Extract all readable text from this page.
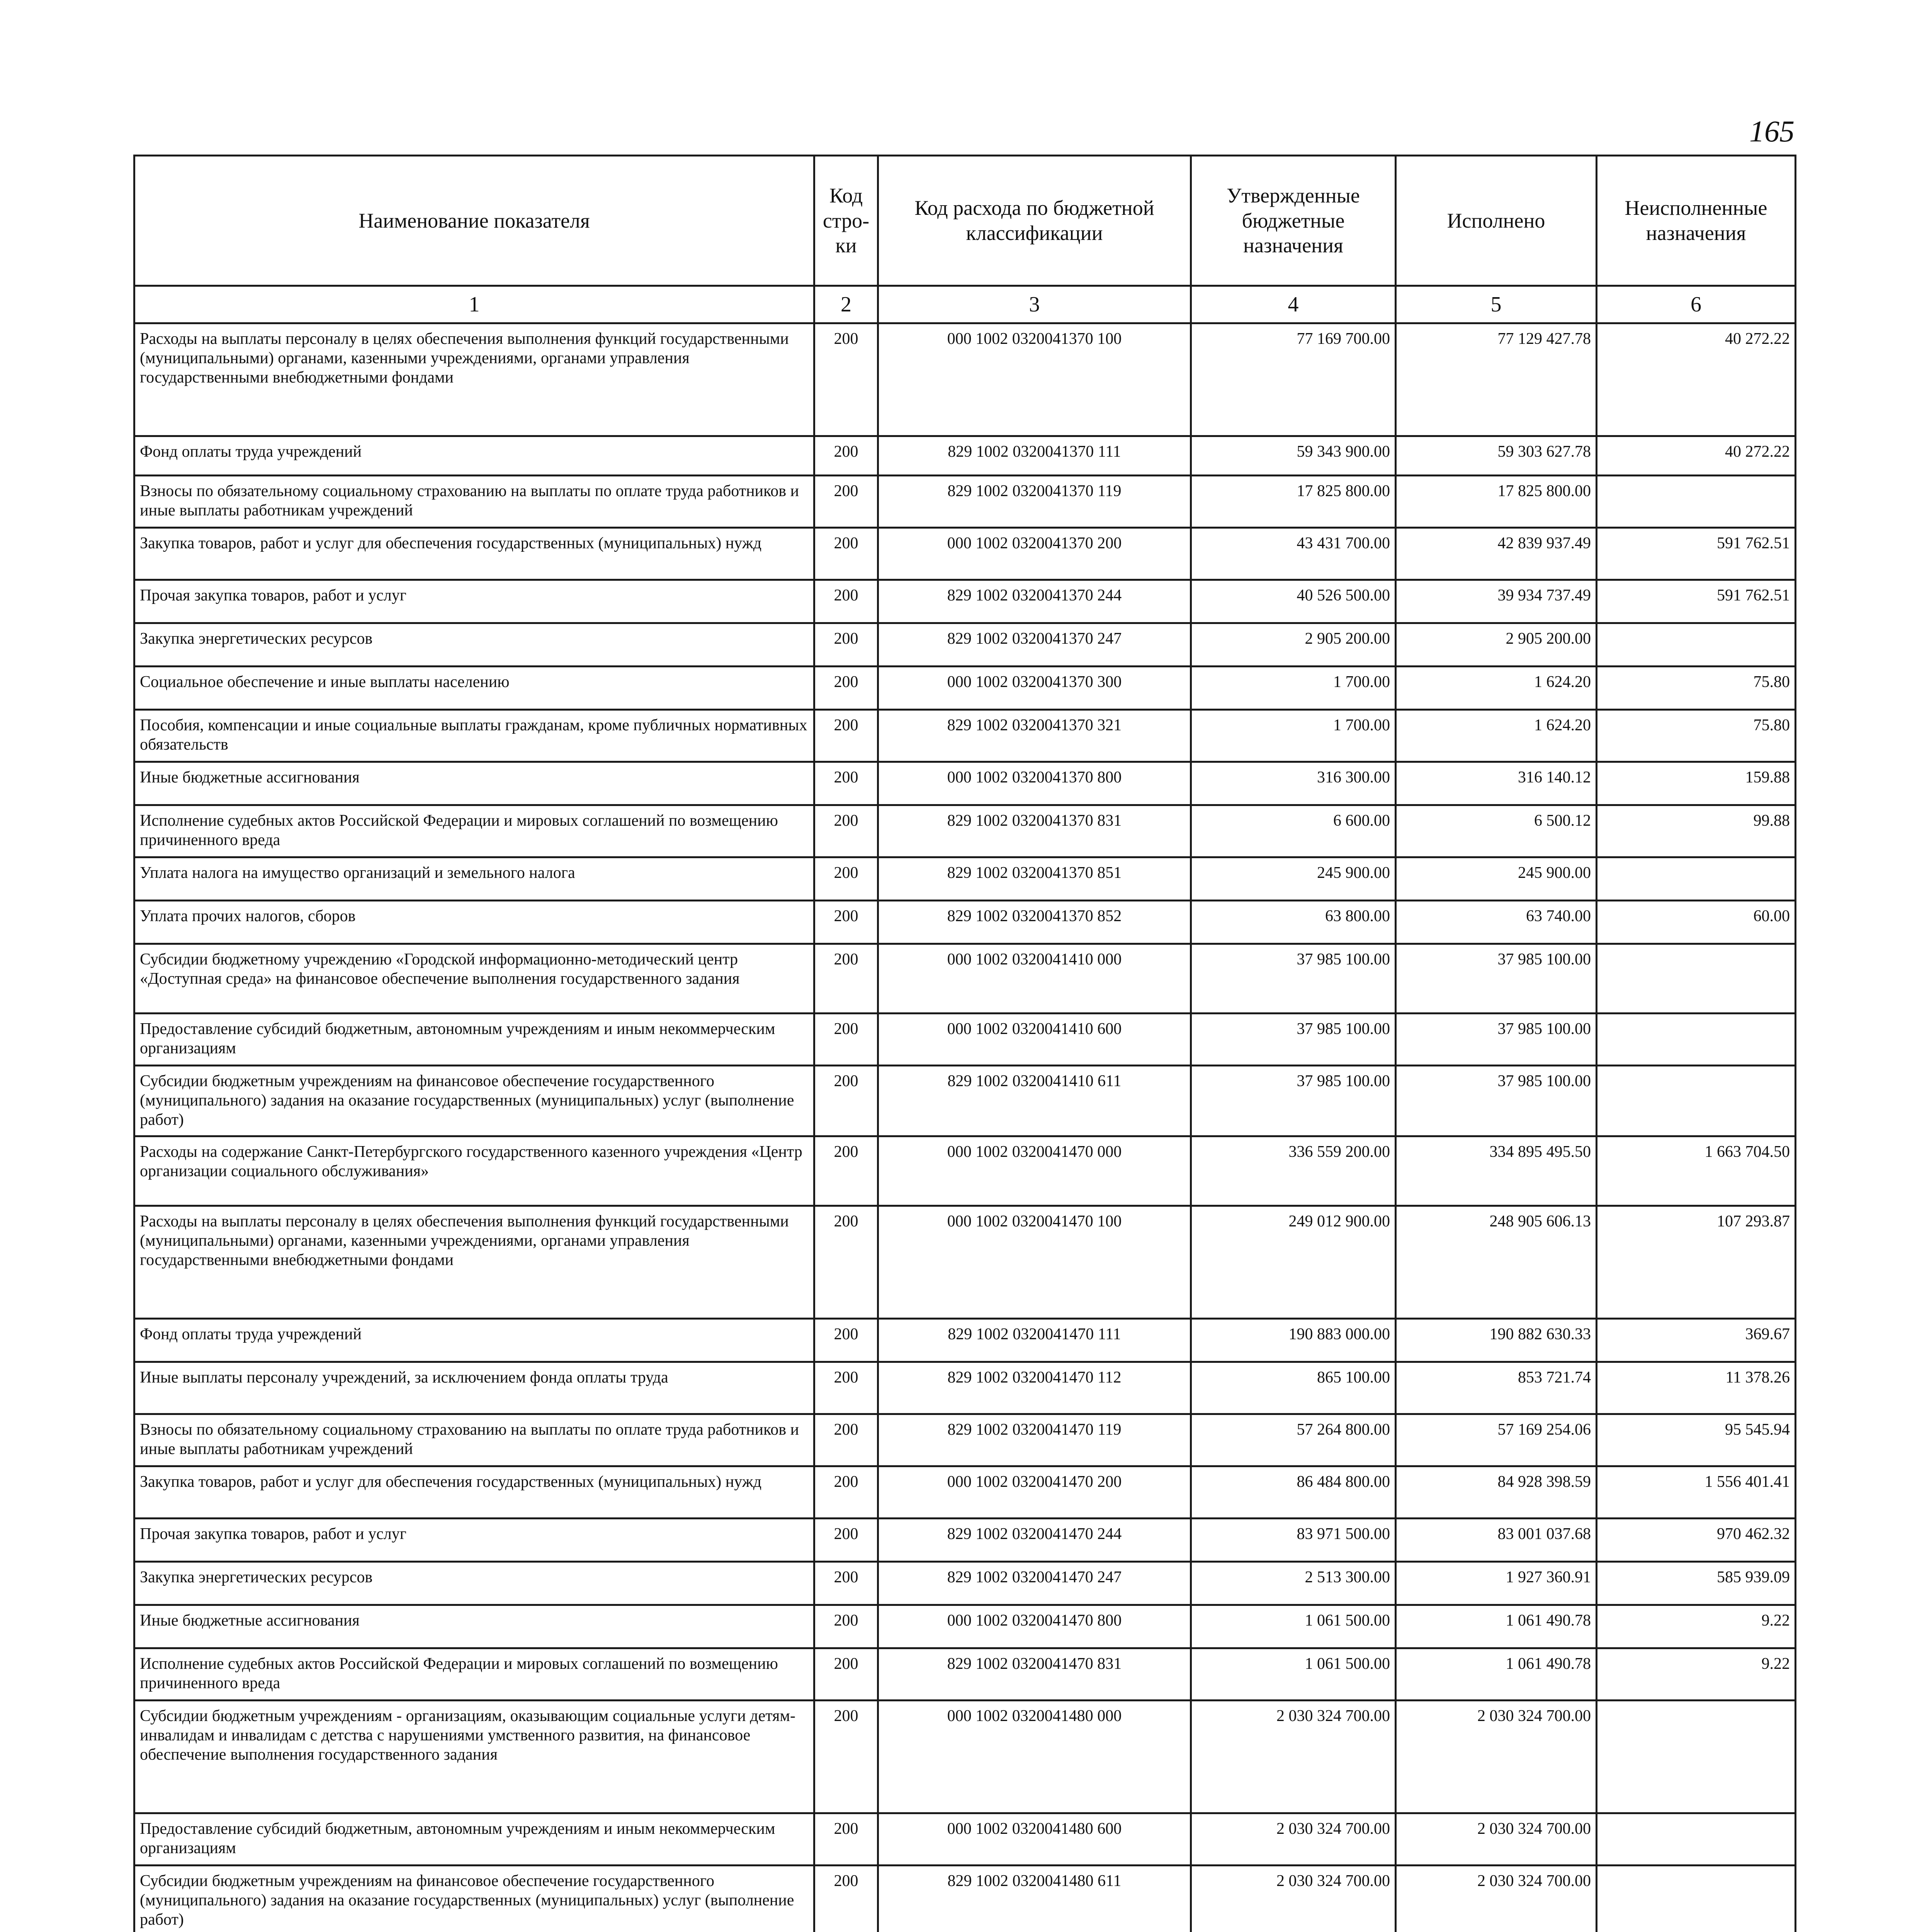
165
Наименование показателя	Код стро-ки	Код расхода по бюджетной классификации	Утвержденные бюджетные назначения	Исполнено	Неисполненные назначения
1	2	3	4	5	6
Расходы на выплаты персоналу в целях обеспечения выполнения функций государственными (муниципальными) органами, казенными учреждениями, органами управления государственными внебюджетными фондами	200	000 1002 0320041370 100	77 169 700.00	77 129 427.78	40 272.22
Фонд оплаты труда учреждений	200	829 1002 0320041370 111	59 343 900.00	59 303 627.78	40 272.22
Взносы по обязательному социальному страхованию на выплаты по оплате труда работников и иные выплаты работникам учреждений	200	829 1002 0320041370 119	17 825 800.00	17 825 800.00	
Закупка товаров, работ и услуг для обеспечения государственных (муниципальных) нужд	200	000 1002 0320041370 200	43 431 700.00	42 839 937.49	591 762.51
Прочая закупка товаров, работ и услуг	200	829 1002 0320041370 244	40 526 500.00	39 934 737.49	591 762.51
Закупка энергетических ресурсов	200	829 1002 0320041370 247	2 905 200.00	2 905 200.00	
Социальное обеспечение и иные выплаты населению	200	000 1002 0320041370 300	1 700.00	1 624.20	75.80
Пособия, компенсации и иные социальные выплаты гражданам, кроме публичных нормативных обязательств	200	829 1002 0320041370 321	1 700.00	1 624.20	75.80
Иные бюджетные ассигнования	200	000 1002 0320041370 800	316 300.00	316 140.12	159.88
Исполнение судебных актов Российской Федерации и мировых соглашений по возмещению причиненного вреда	200	829 1002 0320041370 831	6 600.00	6 500.12	99.88
Уплата налога на имущество организаций и земельного налога	200	829 1002 0320041370 851	245 900.00	245 900.00	
Уплата прочих налогов, сборов	200	829 1002 0320041370 852	63 800.00	63 740.00	60.00
Субсидии бюджетному учреждению «Городской информационно-методический центр «Доступная среда» на финансовое обеспечение выполнения государственного задания	200	000 1002 0320041410 000	37 985 100.00	37 985 100.00	
Предоставление субсидий бюджетным, автономным учреждениям и иным некоммерческим организациям	200	000 1002 0320041410 600	37 985 100.00	37 985 100.00	
Субсидии бюджетным учреждениям на финансовое обеспечение государственного (муниципального) задания на оказание государственных (муниципальных) услуг (выполнение работ)	200	829 1002 0320041410 611	37 985 100.00	37 985 100.00	
Расходы на содержание Санкт-Петербургского государственного казенного учреждения «Центр организации социального обслуживания»	200	000 1002 0320041470 000	336 559 200.00	334 895 495.50	1 663 704.50
Расходы на выплаты персоналу в целях обеспечения выполнения функций государственными (муниципальными) органами, казенными учреждениями, органами управления государственными внебюджетными фондами	200	000 1002 0320041470 100	249 012 900.00	248 905 606.13	107 293.87
Фонд оплаты труда учреждений	200	829 1002 0320041470 111	190 883 000.00	190 882 630.33	369.67
Иные выплаты персоналу учреждений, за исключением фонда оплаты труда	200	829 1002 0320041470 112	865 100.00	853 721.74	11 378.26
Взносы по обязательному социальному страхованию на выплаты по оплате труда работников и иные выплаты работникам учреждений	200	829 1002 0320041470 119	57 264 800.00	57 169 254.06	95 545.94
Закупка товаров, работ и услуг для обеспечения государственных (муниципальных) нужд	200	000 1002 0320041470 200	86 484 800.00	84 928 398.59	1 556 401.41
Прочая закупка товаров, работ и услуг	200	829 1002 0320041470 244	83 971 500.00	83 001 037.68	970 462.32
Закупка энергетических ресурсов	200	829 1002 0320041470 247	2 513 300.00	1 927 360.91	585 939.09
Иные бюджетные ассигнования	200	000 1002 0320041470 800	1 061 500.00	1 061 490.78	9.22
Исполнение судебных актов Российской Федерации и мировых соглашений по возмещению причиненного вреда	200	829 1002 0320041470 831	1 061 500.00	1 061 490.78	9.22
Субсидии бюджетным учреждениям - организациям, оказывающим социальные услуги детям-инвалидам и инвалидам с детства с нарушениями умственного развития, на финансовое обеспечение выполнения государственного задания	200	000 1002 0320041480 000	2 030 324 700.00	2 030 324 700.00	
Предоставление субсидий бюджетным, автономным учреждениям и иным некоммерческим организациям	200	000 1002 0320041480 600	2 030 324 700.00	2 030 324 700.00	
Субсидии бюджетным учреждениям на финансовое обеспечение государственного (муниципального) задания на оказание государственных (муниципальных) услуг (выполнение работ)	200	829 1002 0320041480 611	2 030 324 700.00	2 030 324 700.00	
